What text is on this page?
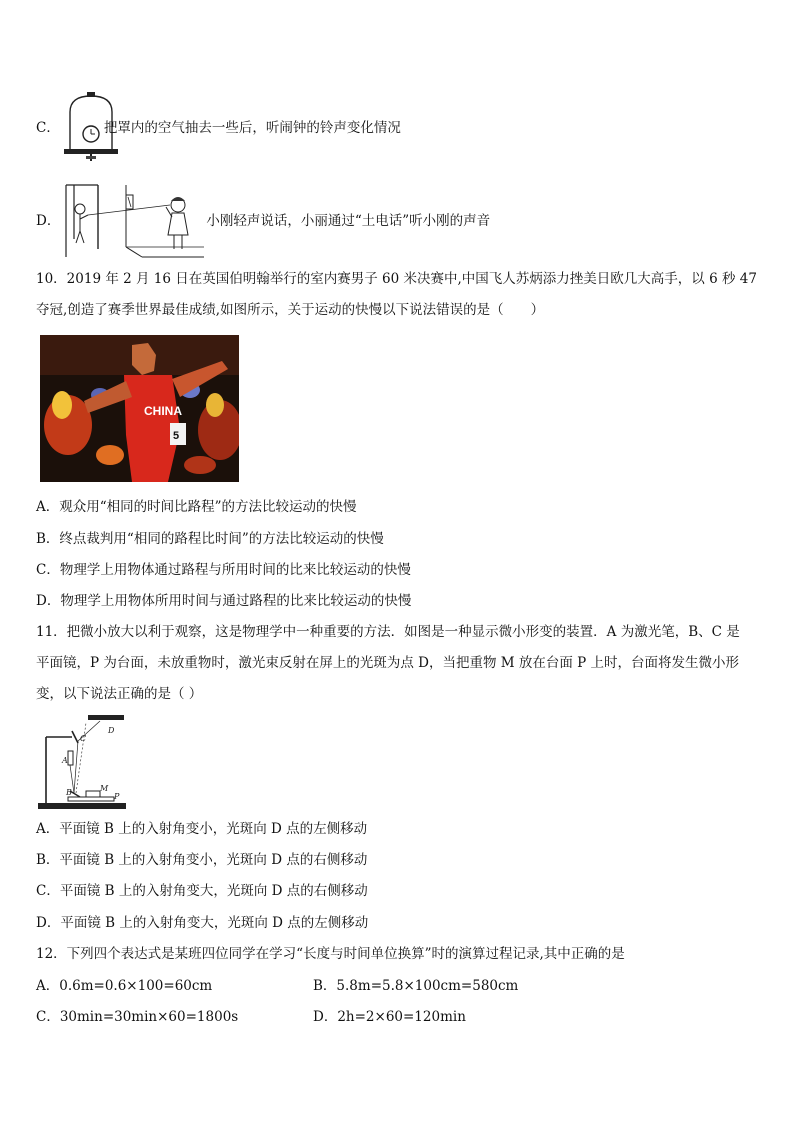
C．	把罩内的空气抽去一些后，听闹钟的铃声变化情况
D．	小刚轻声说话，小丽通过“土电话”听小刚的声音
10．2019 年 2 月 16 日在英国伯明翰举行的室内赛男子 60 米决赛中,中国飞人苏炳添力挫美日欧几大高手，以 6 秒 47
夺冠,创造了赛季世界最佳成绩,如图所示，关于运动的快慢以下说法错误的是（　　）
5
CHINA
A．观众用“相同的时间比路程”的方法比较运动的快慢
B．终点裁判用“相同的路程比时间”的方法比较运动的快慢
C．物理学上用物体通过路程与所用时间的比来比较运动的快慢
D．物理学上用物体所用时间与通过路程的比来比较运动的快慢
11．把微小放大以利于观察，这是物理学中一种重要的方法．如图是一种显示微小形变的装置．A 为激光笔，B、C 是
平面镜，P 为台面，未放重物时，激光束反射在屏上的光斑为点 D，当把重物 M 放在台面 P 上时，台面将发生微小形
变，以下说法正确的是（ ）
D
C
A
B	M
P
A．平面镜 B 上的入射角变小，光斑向 D 点的左侧移动
B．平面镜 B 上的入射角变小，光斑向 D 点的右侧移动
C．平面镜 B 上的入射角变大，光斑向 D 点的右侧移动
D．平面镜 B 上的入射角变大，光斑向 D 点的左侧移动
12．下列四个表达式是某班四位同学在学习“长度与时间单位换算”时的演算过程记录,其中正确的是
A．0.6m=0.6×100=60cm	B．5.8m=5.8×100cm=580cm
C．30min=30min×60=1800s	D．2h=2×60=120min
